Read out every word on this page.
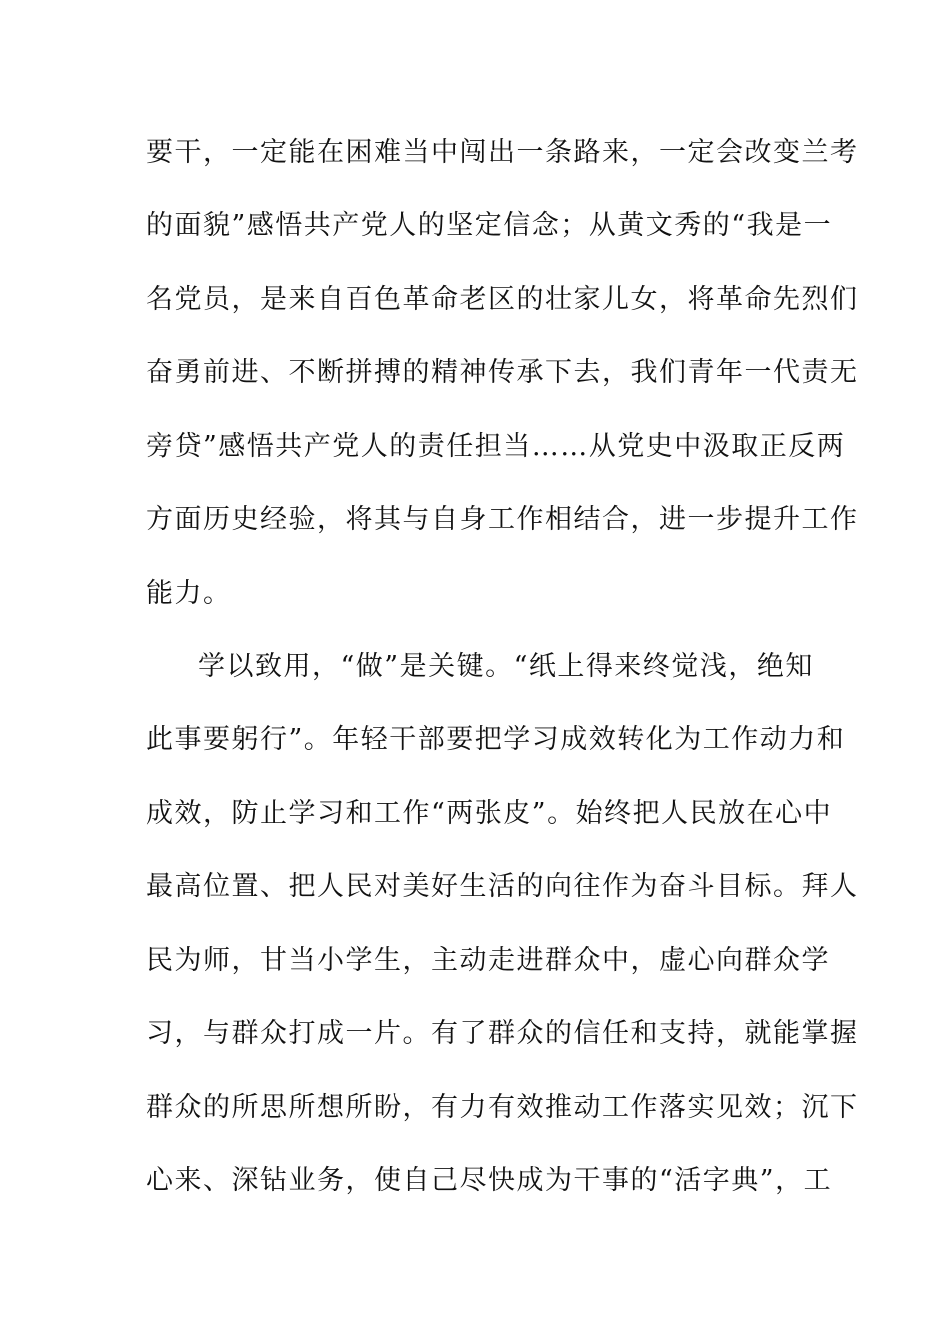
要干，一定能在困难当中闯出一条路来，一定会改变兰考
的面貌”感悟共产党人的坚定信念；从黄文秀的“我是一
名党员，是来自百色革命老区的壮家儿女，将革命先烈们
奋勇前进、不断拼搏的精神传承下去，我们青年一代责无
旁贷”感悟共产党人的责任担当……从党史中汲取正反两
方面历史经验，将其与自身工作相结合，进一步提升工作
能力。
学以致用，“做”是关键。“纸上得来终觉浅，绝知
此事要躬行”。年轻干部要把学习成效转化为工作动力和
成效，防止学习和工作“两张皮”。始终把人民放在心中
最高位置、把人民对美好生活的向往作为奋斗目标。拜人
民为师，甘当小学生，主动走进群众中，虚心向群众学
习，与群众打成一片。有了群众的信任和支持，就能掌握
群众的所思所想所盼，有力有效推动工作落实见效；沉下
心来、深钻业务，使自己尽快成为干事的“活字典”，工
